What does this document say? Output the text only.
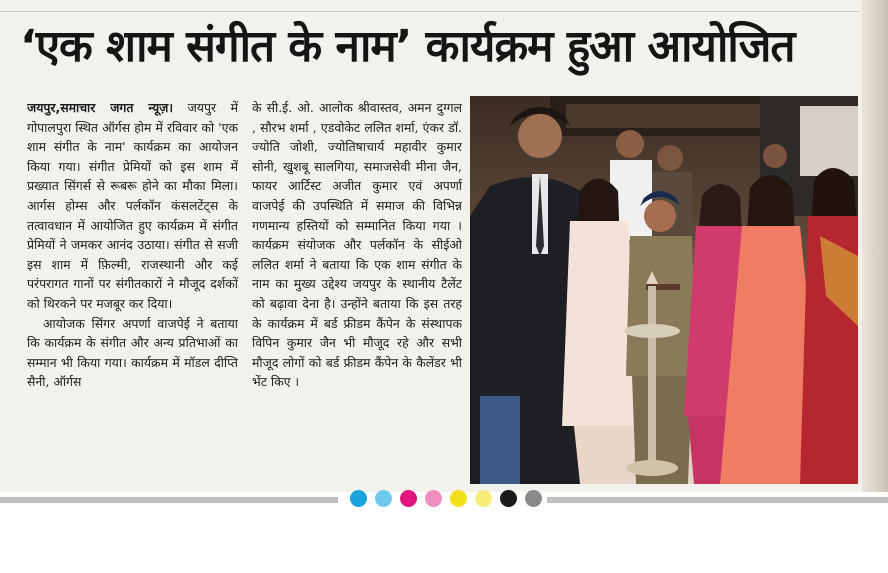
‘एक शाम संगीत के नाम’ कार्यक्रम हुआ आयोजित

जयपुर,समाचार जगत न्यूज़। जयपुर में गोपालपुरा स्थित ऑर्गस होम में रविवार को 'एक शाम संगीत के नाम' कार्यक्रम का आयोजन किया गया। संगीत प्रेमियों को इस शाम में प्रख्यात सिंगर्स से रूबरू होने का मौका मिला। आर्गस होम्स और पर्लकॉन कंसलटेंट्स के तत्वावधान में आयोजित हुए कार्यक्रम में संगीत प्रेमियों ने जमकर आनंद उठाया। संगीत से सजी इस शाम में फ़िल्मी, राजस्थानी और कई परंपरागत गानों पर संगीतकारों ने मौजूद दर्शकों को थिरकने पर मजबूर कर दिया।

आयोजक सिंगर अपर्णा वाजपेई ने बताया कि कार्यक्रम के संगीत और अन्य प्रतिभाओं का सम्मान भी किया गया। कार्यक्रम में मॉडल दीप्ति सैनी, ऑर्गस

के सी.ई. ओ. आलोक श्रीवास्तव, अमन दुग्गल , सौरभ शर्मा , एडवोकेट ललित शर्मा, एंकर डॉ. ज्योति जोशी, ज्योतिषाचार्य महावीर कुमार सोनी, खुशबू सालगिया, समाजसेवी मीना जैन, फायर आर्टिस्ट अजीत कुमार एवं अपर्णा वाजपेई की उपस्थिति में समाज की विभिन्न गणमान्य हस्तियों को सम्मानित किया गया । कार्यक्रम संयोजक और पर्लकॉन के सीईओ ललित शर्मा ने बताया कि एक शाम संगीत के नाम का मुख्य उद्देश्य जयपुर के स्थानीय टैलेंट को बढ़ावा देना है। उन्होंने बताया कि इस तरह के कार्यक्रम में बर्ड फ्रीडम कैंपेन के संस्थापक विपिन कुमार जैन भी मौजूद रहे और सभी मौजूद लोगों को बर्ड फ्रीडम कैंपेन के कैलेंडर भी भेंट किए ।
